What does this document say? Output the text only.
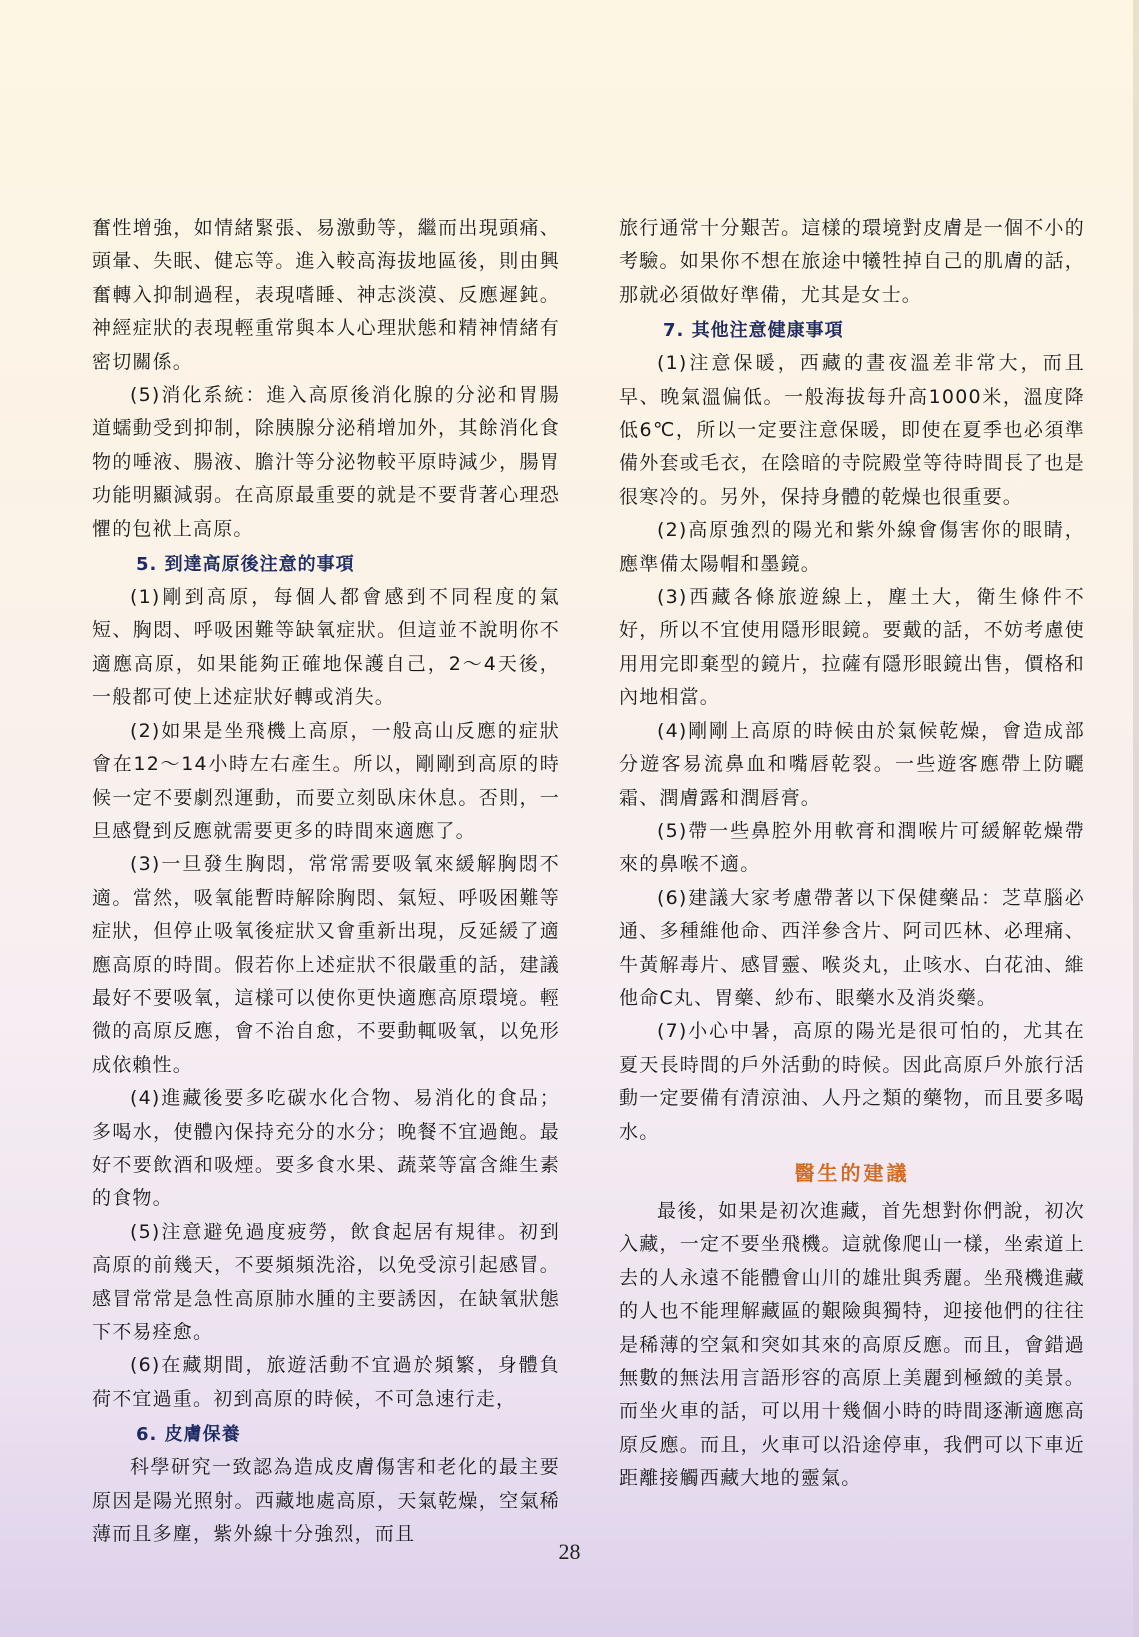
奮性增強，如情緒緊張、易激動等，繼而出現頭痛、頭暈、失眠、健忘等。進入較高海拔地區後，則由興奮轉入抑制過程，表現嗜睡、神志淡漠、反應遲鈍。神經症狀的表現輕重常與本人心理狀態和精神情緒有密切關係。

(5)消化系統：進入高原後消化腺的分泌和胃腸道蠕動受到抑制，除胰腺分泌稍增加外，其餘消化食物的唾液、腸液、膽汁等分泌物較平原時減少，腸胃功能明顯減弱。在高原最重要的就是不要背著心理恐懼的包袱上高原。

5. 到達高原後注意的事項

(1)剛到高原，每個人都會感到不同程度的氣短、胸悶、呼吸困難等缺氧症狀。但這並不說明你不適應高原，如果能夠正確地保護自己，2～4天後，一般都可使上述症狀好轉或消失。

(2)如果是坐飛機上高原，一般高山反應的症狀會在12～14小時左右產生。所以，剛剛到高原的時候一定不要劇烈運動，而要立刻臥床休息。否則，一旦感覺到反應就需要更多的時間來適應了。

(3)一旦發生胸悶，常常需要吸氧來緩解胸悶不適。當然，吸氧能暫時解除胸悶、氣短、呼吸困難等症狀，但停止吸氧後症狀又會重新出現，反延緩了適應高原的時間。假若你上述症狀不很嚴重的話，建議最好不要吸氧，這樣可以使你更快適應高原環境。輕微的高原反應，會不治自愈，不要動輒吸氧，以免形成依賴性。

(4)進藏後要多吃碳水化合物、易消化的食品；多喝水，使體內保持充分的水分；晚餐不宜過飽。最好不要飲酒和吸煙。要多食水果、蔬菜等富含維生素的食物。

(5)注意避免過度疲勞，飲食起居有規律。初到高原的前幾天，不要頻頻洗浴，以免受涼引起感冒。感冒常常是急性高原肺水腫的主要誘因，在缺氧狀態下不易痊愈。

(6)在藏期間，旅遊活動不宜過於頻繁，身體負荷不宜過重。初到高原的時候，不可急速行走，

6. 皮膚保養

科學研究一致認為造成皮膚傷害和老化的最主要原因是陽光照射。西藏地處高原，天氣乾燥，空氣稀薄而且多塵，紫外線十分強烈，而且

旅行通常十分艱苦。這樣的環境對皮膚是一個不小的考驗。如果你不想在旅途中犧牲掉自己的肌膚的話，那就必須做好準備，尤其是女士。

7. 其他注意健康事項

(1)注意保暖，西藏的晝夜溫差非常大，而且早、晚氣溫偏低。一般海拔每升高1000米，溫度降低6℃，所以一定要注意保暖，即使在夏季也必須準備外套或毛衣，在陰暗的寺院殿堂等待時間長了也是很寒冷的。另外，保持身體的乾燥也很重要。

(2)高原強烈的陽光和紫外線會傷害你的眼睛，應準備太陽帽和墨鏡。

(3)西藏各條旅遊線上，塵土大，衛生條件不好，所以不宜使用隱形眼鏡。要戴的話，不妨考慮使用用完即棄型的鏡片，拉薩有隱形眼鏡出售，價格和內地相當。

(4)剛剛上高原的時候由於氣候乾燥，會造成部分遊客易流鼻血和嘴唇乾裂。一些遊客應帶上防曬霜、潤膚露和潤唇膏。

(5)帶一些鼻腔外用軟膏和潤喉片可緩解乾燥帶來的鼻喉不適。

(6)建議大家考慮帶著以下保健藥品：芝草腦必通、多種維他命、西洋參含片、阿司匹林、必理痛、牛黃解毒片、感冒靈、喉炎丸，止咳水、白花油、維他命C丸、胃藥、紗布、眼藥水及消炎藥。

(7)小心中暑，高原的陽光是很可怕的，尤其在夏天長時間的戶外活動的時候。因此高原戶外旅行活動一定要備有清涼油、人丹之類的藥物，而且要多喝水。

醫生的建議

最後，如果是初次進藏，首先想對你們說，初次入藏，一定不要坐飛機。這就像爬山一樣，坐索道上去的人永遠不能體會山川的雄壯與秀麗。坐飛機進藏的人也不能理解藏區的艱險與獨特，迎接他們的往往是稀薄的空氣和突如其來的高原反應。而且，會錯過無數的無法用言語形容的高原上美麗到極緻的美景。而坐火車的話，可以用十幾個小時的時間逐漸適應高原反應。而且，火車可以沿途停車，我們可以下車近距離接觸西藏大地的靈氣。

28
